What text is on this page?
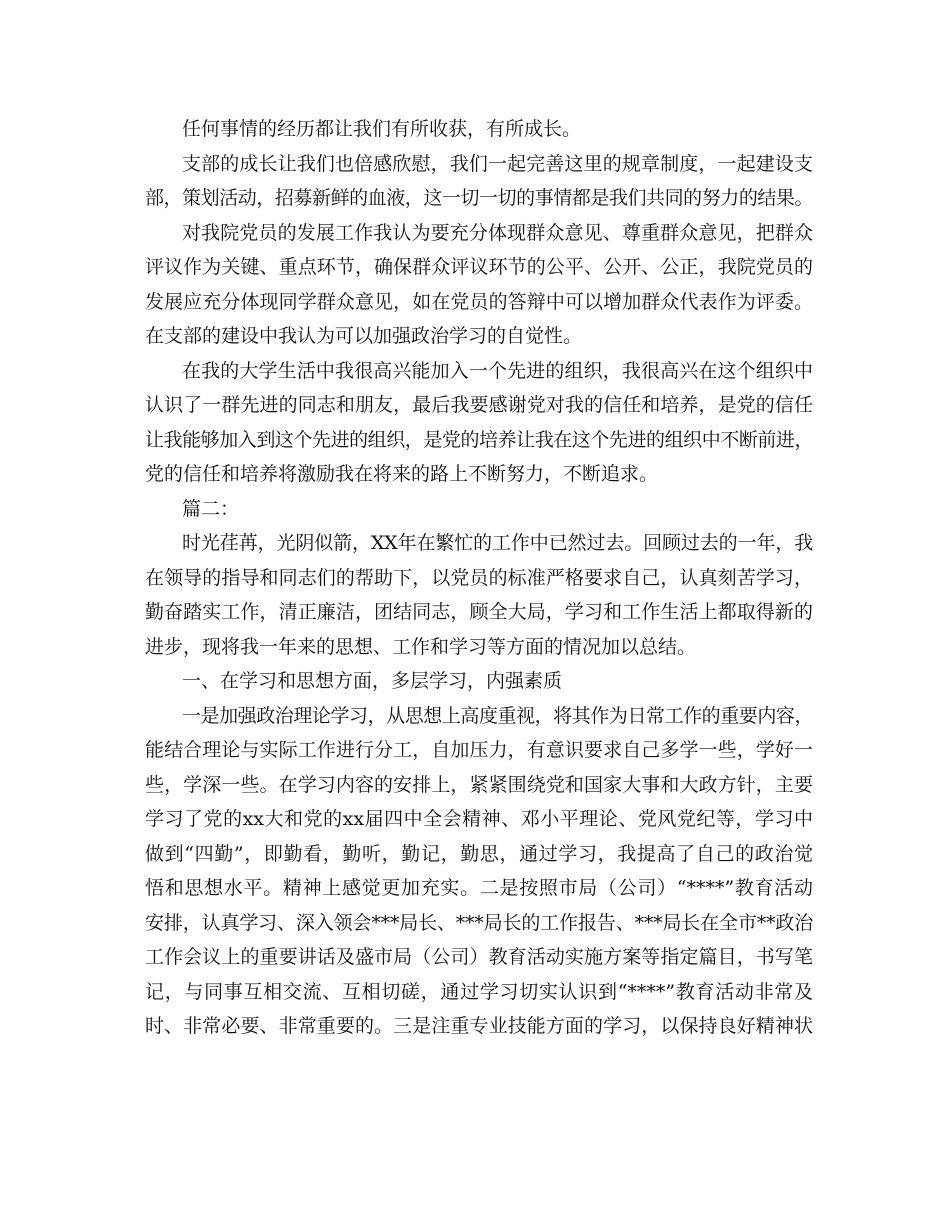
任何事情的经历都让我们有所收获，有所成长。
支部的成长让我们也倍感欣慰，我们一起完善这里的规章制度，一起建设支
部，策划活动，招募新鲜的血液，这一切一切的事情都是我们共同的努力的结果。
对我院党员的发展工作我认为要充分体现群众意见、尊重群众意见，把群众
评议作为关键、重点环节，确保群众评议环节的公平、公开、公正，我院党员的
发展应充分体现同学群众意见，如在党员的答辩中可以增加群众代表作为评委。
在支部的建设中我认为可以加强政治学习的自觉性。
在我的大学生活中我很高兴能加入一个先进的组织，我很高兴在这个组织中
认识了一群先进的同志和朋友，最后我要感谢党对我的信任和培养，是党的信任
让我能够加入到这个先进的组织，是党的培养让我在这个先进的组织中不断前进，
党的信任和培养将激励我在将来的路上不断努力，不断追求。
篇二：
时光荏苒，光阴似箭，XX年在繁忙的工作中已然过去。回顾过去的一年，我
在领导的指导和同志们的帮助下，以党员的标准严格要求自己，认真刻苦学习，
勤奋踏实工作，清正廉洁，团结同志，顾全大局，学习和工作生活上都取得新的
进步，现将我一年来的思想、工作和学习等方面的情况加以总结。
一、在学习和思想方面，多层学习，内强素质
一是加强政治理论学习，从思想上高度重视，将其作为日常工作的重要内容，
能结合理论与实际工作进行分工，自加压力，有意识要求自己多学一些，学好一
些，学深一些。在学习内容的安排上，紧紧围绕党和国家大事和大政方针，主要
学习了党的xx大和党的xx届四中全会精神、邓小平理论、党风党纪等，学习中
做到“四勤”，即勤看，勤听，勤记，勤思，通过学习，我提高了自己的政治觉
悟和思想水平。精神上感觉更加充实。二是按照市局（公司）“****”教育活动
安排，认真学习、深入领会***局长、***局长的工作报告、***局长在全市**政治
工作会议上的重要讲话及盛市局（公司）教育活动实施方案等指定篇目，书写笔
记，与同事互相交流、互相切磋，通过学习切实认识到“****”教育活动非常及
时、非常必要、非常重要的。三是注重专业技能方面的学习，以保持良好精神状
